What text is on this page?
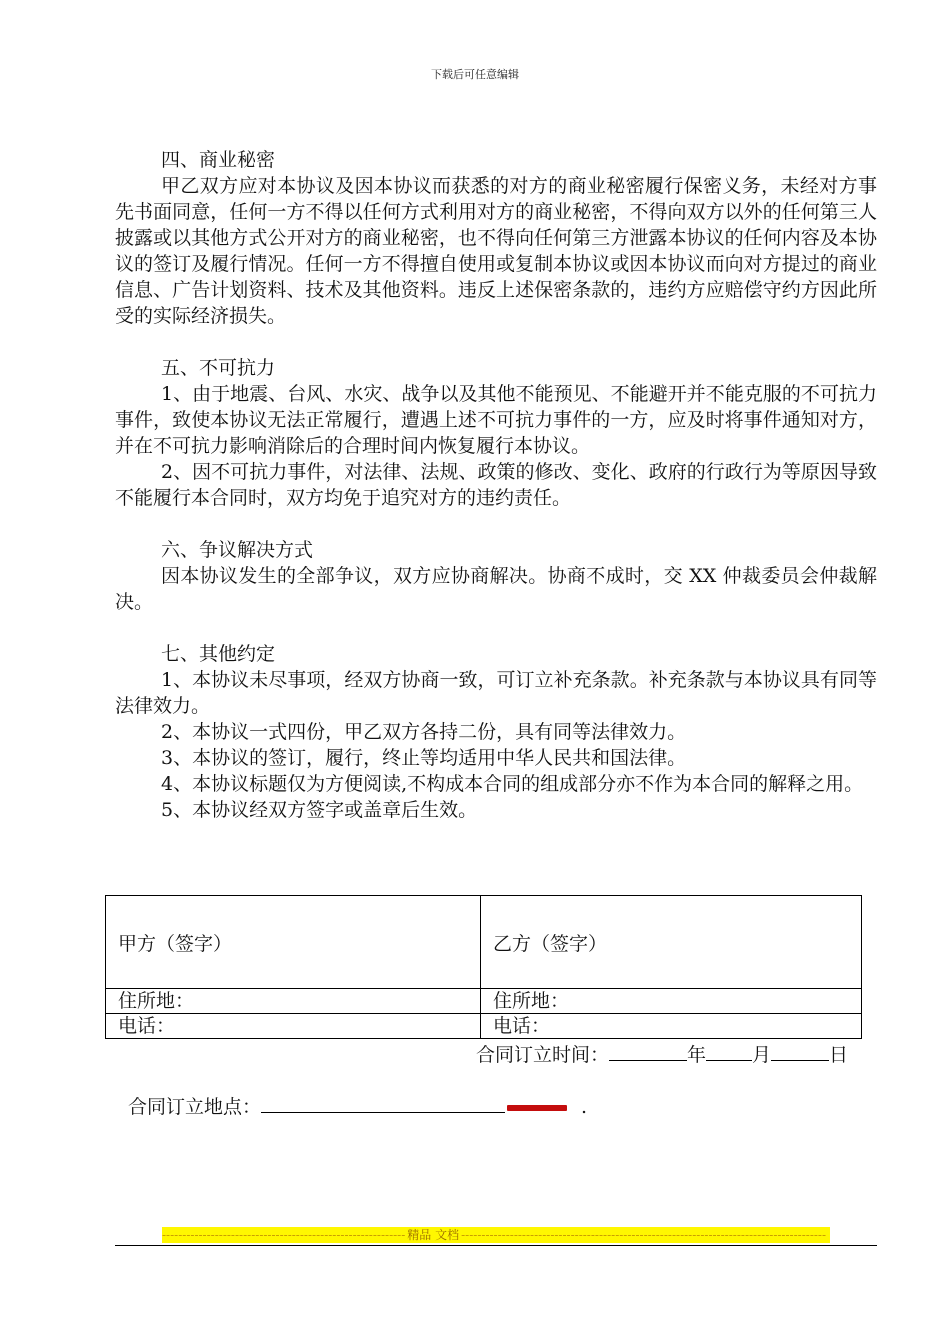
下载后可任意编辑

四、商业秘密

甲乙双方应对本协议及因本协议而获悉的对方的商业秘密履行保密义务，未经对方事先书面同意，任何一方不得以任何方式利用对方的商业秘密，不得向双方以外的任何第三人披露或以其他方式公开对方的商业秘密，也不得向任何第三方泄露本协议的任何内容及本协议的签订及履行情况。任何一方不得擅自使用或复制本协议或因本协议而向对方提过的商业信息、广告计划资料、技术及其他资料。违反上述保密条款的，违约方应赔偿守约方因此所受的实际经济损失。

五、不可抗力

1、由于地震、台风、水灾、战争以及其他不能预见、不能避开并不能克服的不可抗力事件，致使本协议无法正常履行，遭遇上述不可抗力事件的一方，应及时将事件通知对方，并在不可抗力影响消除后的合理时间内恢复履行本协议。

2、因不可抗力事件，对法律、法规、政策的修改、变化、政府的行政行为等原因导致不能履行本合同时，双方均免于追究对方的违约责任。

六、争议解决方式

因本协议发生的全部争议，双方应协商解决。协商不成时，交 XX 仲裁委员会仲裁解决。

七、其他约定

1、本协议未尽事项，经双方协商一致，可订立补充条款。补充条款与本协议具有同等法律效力。

2、本协议一式四份，甲乙双方各持二份，具有同等法律效力。

3、本协议的签订，履行，终止等均适用中华人民共和国法律。

4、本协议标题仅为方便阅读,不构成本合同的组成部分亦不作为本合同的解释之用。

5、本协议经双方签字或盖章后生效。

甲方（签字）	乙方（签字）
住所地：	住所地：
电话：	电话：
合同订立时间：	年 月	日
合同订立地点：	.
------------------------------------------------------------ 精品 文档 ------------------------------------------------------------------------------------------
